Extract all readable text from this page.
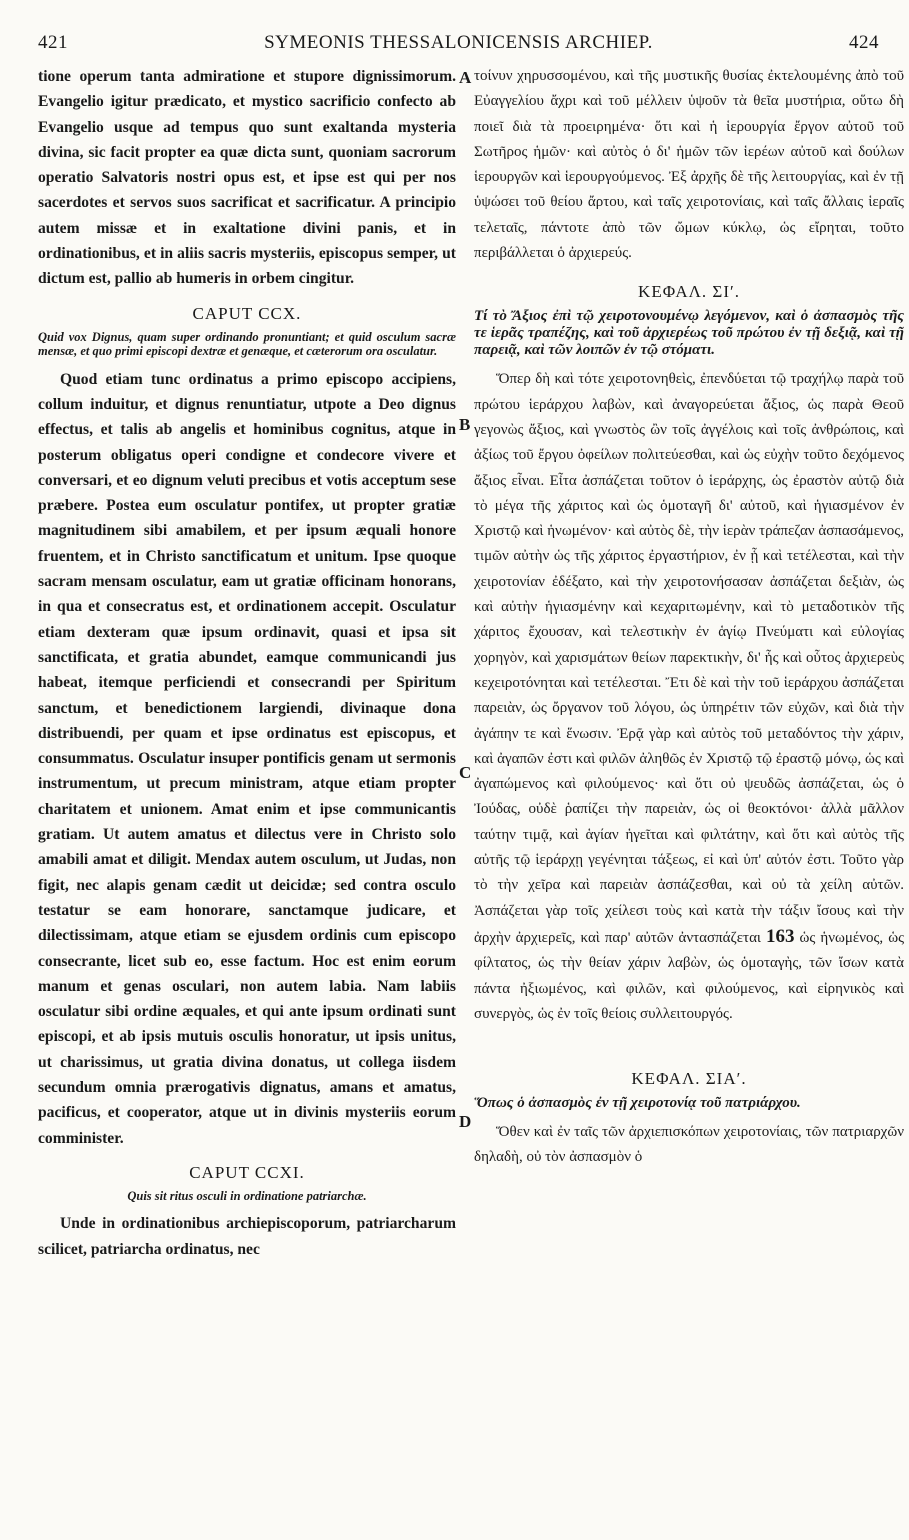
421	SYMEONIS THESSALONICENSIS ARCHIEP.	424
A
B
C
D

tione operum tanta admiratione et stupore dignissimorum. Evangelio igitur prædicato, et mystico sacrificio confecto ab Evangelio usque ad tempus quo sunt exaltanda mysteria divina, sic facit propter ea quæ dicta sunt, quoniam sacrorum operatio Salvatoris nostri opus est, et ipse est qui per nos sacerdotes et servos suos sacrificat et sacrificatur. A principio autem missæ et in exaltatione divini panis, et in ordinationibus, et in aliis sacris mysteriis, episcopus semper, ut dictum est, pallio ab humeris in orbem cingitur.

CAPUT CCX.

Quid vox Dignus, quam super ordinando pronuntiant; et quid osculum sacræ mensæ, et quo primi episcopi dextræ et genæque, et cæterorum ora osculatur.

Quod etiam tunc ordinatus a primo episcopo accipiens, collum induitur, et dignus renuntiatur, utpote a Deo dignus effectus, et talis ab angelis et hominibus cognitus, atque in posterum obligatus operi condigne et condecore vivere et conversari, et eo dignum veluti precibus et votis acceptum sese præbere. Postea eum osculatur pontifex, ut propter gratiæ magnitudinem sibi amabilem, et per ipsum æquali honore fruentem, et in Christo sanctificatum et unitum. Ipse quoque sacram mensam osculatur, eam ut gratiæ officinam honorans, in qua et consecratus est, et ordinationem accepit. Osculatur etiam dexteram quæ ipsum ordinavit, quasi et ipsa sit sanctificata, et gratia abundet, eamque communicandi jus habeat, itemque perficiendi et consecrandi per Spiritum sanctum, et benedictionem largiendi, divinaque dona distribuendi, per quam et ipse ordinatus est episcopus, et consummatus. Osculatur insuper pontificis genam ut sermonis instrumentum, ut precum ministram, atque etiam propter charitatem et unionem. Amat enim et ipse communicantis gratiam. Ut autem amatus et dilectus vere in Christo solo amabili amat et diligit. Mendax autem osculum, ut Judas, non figit, nec alapis genam cædit ut deicidæ; sed contra osculo testatur se eam honorare, sanctamque judicare, et dilectissimam, atque etiam se ejusdem ordinis cum episcopo consecrante, licet sub eo, esse factum. Hoc est enim eorum manum et genas osculari, non autem labia. Nam labiis osculatur sibi ordine æquales, et qui ante ipsum ordinati sunt episcopi, et ab ipsis mutuis osculis honoratur, ut ipsis unitus, ut charissimus, ut gratia divina donatus, ut collega iisdem secundum omnia prærogativis dignatus, amans et amatus, pacificus, et cooperator, atque ut in divinis mysteriis eorum comminister.

CAPUT CCXI.

Quis sit ritus osculi in ordinatione patriarchæ.

Unde in ordinationibus archiepiscoporum, patriarcharum scilicet, patriarcha ordinatus, nec

τοίνυν χηρυσσομένου, καὶ τῆς μυστικῆς θυσίας ἐκτελουμένης ἀπὸ τοῦ Εὐαγγελίου ἄχρι καὶ τοῦ μέλλειν ὑψοῦν τὰ θεῖα μυστήρια, οὕτω δὴ ποιεῖ διὰ τὰ προειρημένα· ὅτι καὶ ἡ ἱερουργία ἔργον αὐτοῦ τοῦ Σωτῆρος ἡμῶν· καὶ αὐτὸς ὁ δι' ἡμῶν τῶν ἱερέων αὐτοῦ καὶ δούλων ἱερουργῶν καὶ ἱερουργούμενος. Ἐξ ἀρχῆς δὲ τῆς λειτουργίας, καὶ ἐν τῇ ὑψώσει τοῦ θείου ἄρτου, καὶ ταῖς χειροτονίαις, καὶ ταῖς ἄλλαις ἱεραῖς τελεταῖς, πάντοτε ἀπὸ τῶν ὤμων κύκλῳ, ὡς εἴρηται, τοῦτο περιβάλλεται ὁ ἀρχιερεύς.

ΚΕΦΑΛ. ΣΙʹ.

Τί τὸ Ἄξιος ἐπὶ τῷ χειροτονουμένῳ λεγόμενον, καὶ ὁ ἀσπασμὸς τῆς τε ἱερᾶς τραπέζης, καὶ τοῦ ἀρχιερέως τοῦ πρώτου ἐν τῇ δεξιᾷ, καὶ τῇ παρειᾷ, καὶ τῶν λοιπῶν ἐν τῷ στόματι.

Ὅπερ δὴ καὶ τότε χειροτονηθεὶς, ἐπενδύεται τῷ τραχήλῳ παρὰ τοῦ πρώτου ἱεράρχου λαβὼν, καὶ ἀναγορεύεται ἄξιος, ὡς παρὰ Θεοῦ γεγονὼς ἄξιος, καὶ γνωστὸς ὢν τοῖς ἀγγέλοις καὶ τοῖς ἀνθρώποις, καὶ ἀξίως τοῦ ἔργου ὀφείλων πολιτεύεσθαι, καὶ ὡς εὐχὴν τοῦτο δεχόμενος ἄξιος εἶναι. Εἶτα ἀσπάζεται τοῦτον ὁ ἱεράρχης, ὡς ἐραστὸν αὐτῷ διὰ τὸ μέγα τῆς χάριτος καὶ ὡς ὁμοταγῆ δι' αὐτοῦ, καὶ ἡγιασμένον ἐν Χριστῷ καὶ ἡνωμένον· καὶ αὐτὸς δὲ, τὴν ἱερὰν τράπεζαν ἀσπασάμενος, τιμῶν αὐτὴν ὡς τῆς χάριτος ἐργαστήριον, ἐν ᾗ καὶ τετέλεσται, καὶ τὴν χειροτονίαν ἐδέξατο, καὶ τὴν χειροτονήσασαν ἀσπάζεται δεξιὰν, ὡς καὶ αὐτὴν ἡγιασμένην καὶ κεχαριτωμένην, καὶ τὸ μεταδοτικὸν τῆς χάριτος ἔχουσαν, καὶ τελεστικὴν ἐν ἁγίῳ Πνεύματι καὶ εὐλογίας χορηγὸν, καὶ χαρισμάτων θείων παρεκτικὴν, δι' ἧς καὶ οὗτος ἀρχιερεὺς κεχειροτόνηται καὶ τετέλεσται. Ἔτι δὲ καὶ τὴν τοῦ ἱεράρχου ἀσπάζεται παρειὰν, ὡς ὄργανον τοῦ λόγου, ὡς ὑπηρέτιν τῶν εὐχῶν, καὶ διὰ τὴν ἀγάπην τε καὶ ἕνωσιν. Ἐρᾷ γὰρ καὶ αὐτὸς τοῦ μεταδόντος τὴν χάριν, καὶ ἀγαπῶν ἐστι καὶ φιλῶν ἀληθῶς ἐν Χριστῷ τῷ ἐραστῷ μόνῳ, ὡς καὶ ἀγαπώμενος καὶ φιλούμενος· καὶ ὅτι οὐ ψευδῶς ἀσπάζεται, ὡς ὁ Ἰούδας, οὐδὲ ῥαπίζει τὴν παρειὰν, ὡς οἱ θεοκτόνοι· ἀλλὰ μᾶλλον ταύτην τιμᾷ, καὶ ἁγίαν ἡγεῖται καὶ φιλτάτην, καὶ ὅτι καὶ αὐτὸς τῆς αὐτῆς τῷ ἱεράρχῃ γεγένηται τάξεως, εἰ καὶ ὑπ' αὐτόν ἐστι. Τοῦτο γὰρ τὸ τὴν χεῖρα καὶ παρειὰν ἀσπάζεσθαι, καὶ οὐ τὰ χείλη αὐτῶν. Ἀσπάζεται γὰρ τοῖς χείλεσι τοὺς καὶ κατὰ τὴν τάξιν ἴσους καὶ τὴν ἀρχὴν ἀρχιερεῖς, καὶ παρ' αὐτῶν ἀντασπάζεται 163 ὡς ἡνωμένος, ὡς φίλτατος, ὡς τὴν θείαν χάριν λαβὼν, ὡς ὁμοταγὴς, τῶν ἴσων κατὰ πάντα ἠξιωμένος, καὶ φιλῶν, καὶ φιλούμενος, καὶ εἰρηνικὸς καὶ συνεργὸς, ὡς ἐν τοῖς θείοις συλλειτουργός.

ΚΕΦΑΛ. ΣΙΑʹ.

Ὅπως ὁ ἀσπασμὸς ἐν τῇ χειροτονίᾳ τοῦ πατριάρχου.

Ὅθεν καὶ ἐν ταῖς τῶν ἀρχιεπισκόπων χειροτονίαις, τῶν πατριαρχῶν δηλαδὴ, οὐ τὸν ἀσπασμὸν ὁ
